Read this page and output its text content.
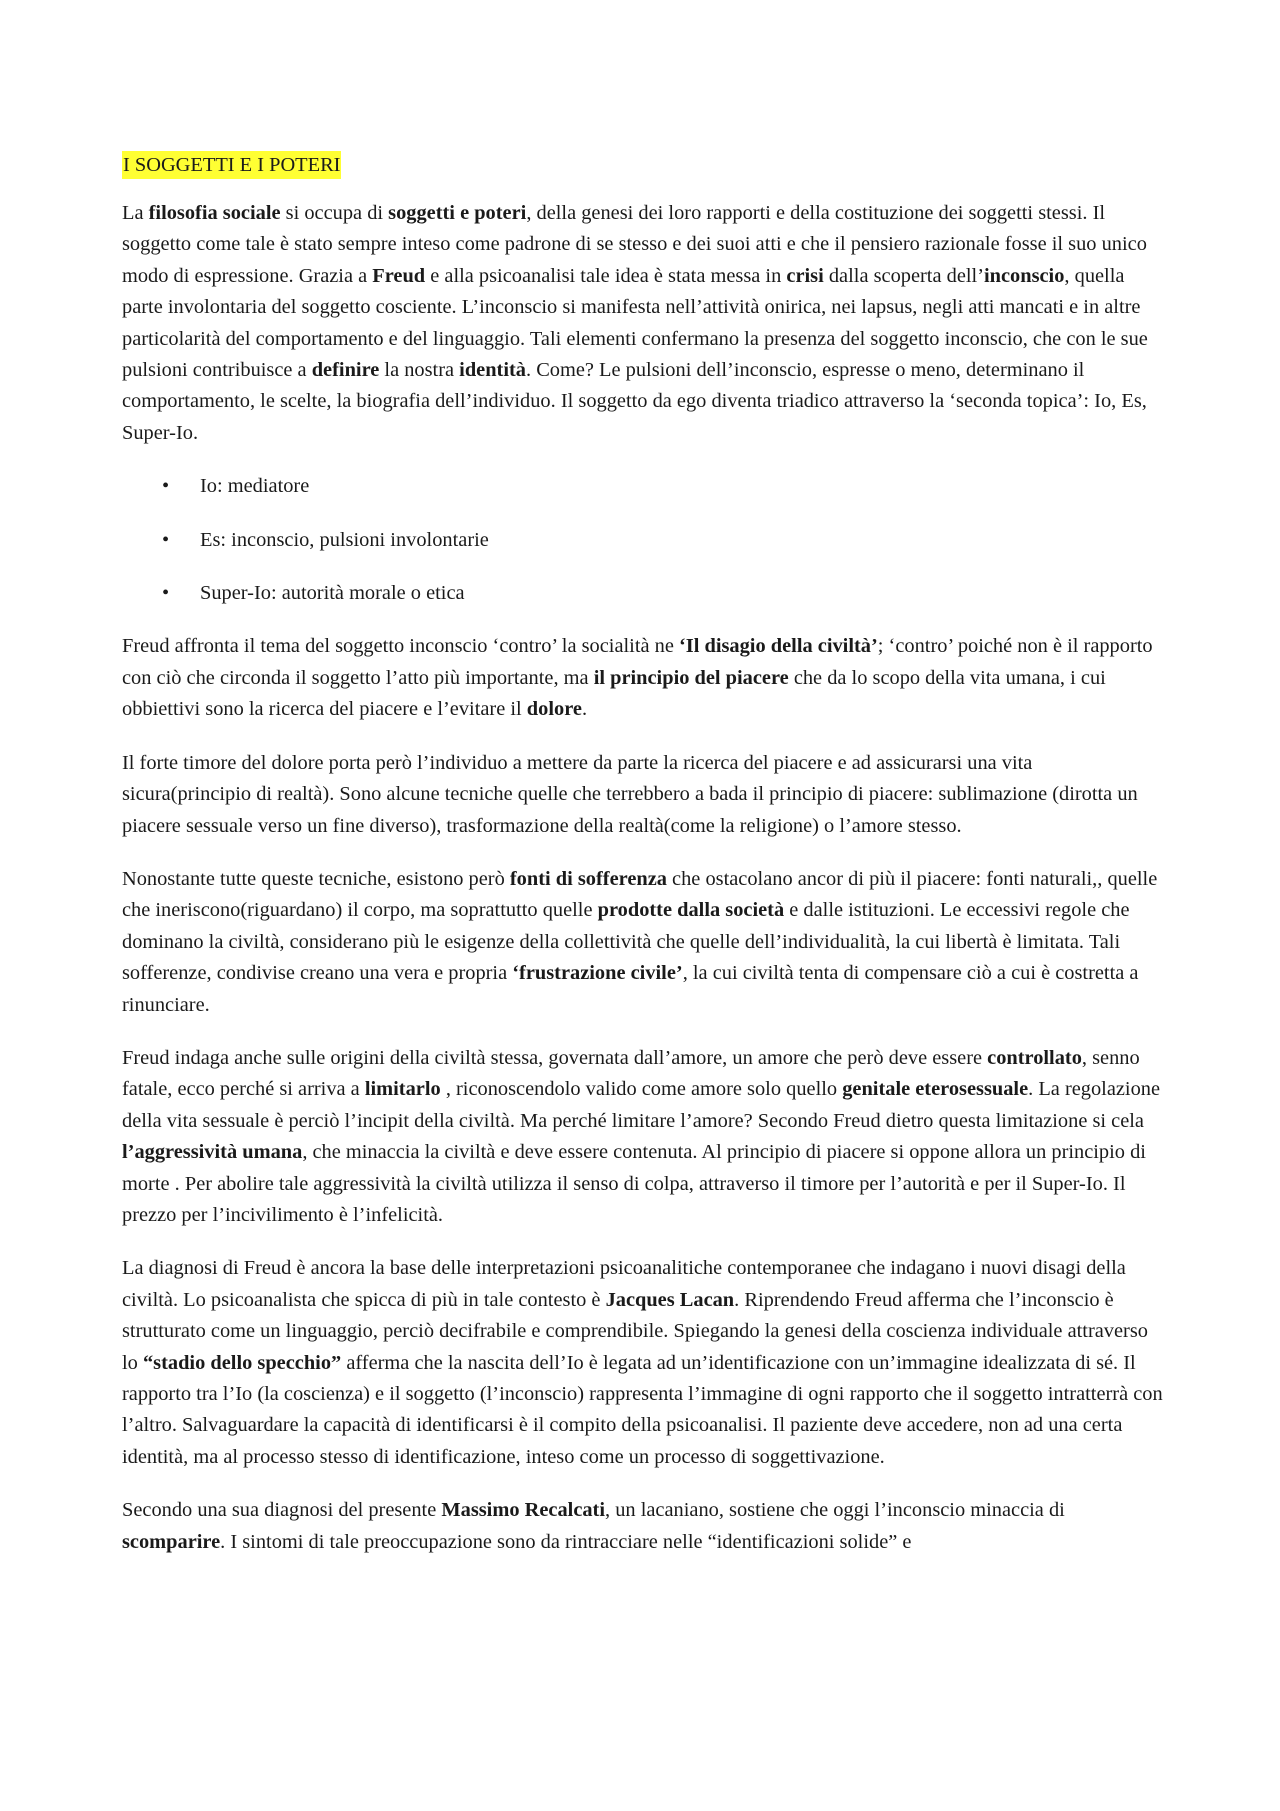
I SOGGETTI E I POTERI

La filosofia sociale si occupa di soggetti e poteri, della genesi dei loro rapporti e della costituzione dei soggetti stessi. Il soggetto come tale è stato sempre inteso come padrone di se stesso e dei suoi atti e che il pensiero razionale fosse il suo unico modo di espressione. Grazia a Freud e alla psicoanalisi tale idea è stata messa in crisi dalla scoperta dell’inconscio, quella parte involontaria del soggetto cosciente. L’inconscio si manifesta nell’attività onirica, nei lapsus, negli atti mancati e in altre particolarità del comportamento e del linguaggio. Tali elementi confermano la presenza del soggetto inconscio, che con le sue pulsioni contribuisce a definire la nostra identità. Come? Le pulsioni dell’inconscio, espresse o meno, determinano il comportamento, le scelte, la biografia dell’individuo. Il soggetto da ego diventa triadico attraverso la ‘seconda topica’: Io, Es, Super-Io.

• Io: mediatore
• Es: inconscio, pulsioni involontarie
• Super-Io: autorità morale o etica

Freud affronta il tema del soggetto inconscio ‘contro’ la socialità ne ‘Il disagio della civiltà’; ‘contro’ poiché non è il rapporto con ciò che circonda il soggetto l’atto più importante, ma il principio del piacere che da lo scopo della vita umana, i cui obbiettivi sono la ricerca del piacere e l’evitare il dolore.

Il forte timore del dolore porta però l’individuo a mettere da parte la ricerca del piacere e ad assicurarsi una vita sicura(principio di realtà). Sono alcune tecniche quelle che terrebbero a bada il principio di piacere: sublimazione (dirotta un piacere sessuale verso un fine diverso), trasformazione della realtà(come la religione) o l’amore stesso.

Nonostante tutte queste tecniche, esistono però fonti di sofferenza che ostacolano ancor di più il piacere: fonti naturali,, quelle che ineriscono(riguardano) il corpo, ma soprattutto quelle prodotte dalla società e dalle istituzioni. Le eccessivi regole che dominano la civiltà, considerano più le esigenze della collettività che quelle dell’individualità, la cui libertà è limitata. Tali sofferenze, condivise creano una vera e propria ‘frustrazione civile’, la cui civiltà tenta di compensare ciò a cui è costretta a rinunciare.

Freud indaga anche sulle origini della civiltà stessa, governata dall’amore, un amore che però deve essere controllato, senno fatale, ecco perché si arriva a limitarlo , riconoscendolo valido come amore solo quello genitale eterosessuale. La regolazione della vita sessuale è perciò l’incipit della civiltà. Ma perché limitare l’amore? Secondo Freud dietro questa limitazione si cela l’aggressività umana, che minaccia la civiltà e deve essere contenuta. Al principio di piacere si oppone allora un principio di morte . Per abolire tale aggressività la civiltà utilizza il senso di colpa, attraverso il timore per l’autorità e per il Super-Io. Il prezzo per l’incivilimento è l’infelicità.

La diagnosi di Freud è ancora la base delle interpretazioni psicoanalitiche contemporanee che indagano i nuovi disagi della civiltà. Lo psicoanalista che spicca di più in tale contesto è Jacques Lacan. Riprendendo Freud afferma che l’inconscio è strutturato come un linguaggio, perciò decifrabile e comprendibile. Spiegando la genesi della coscienza individuale attraverso lo “stadio dello specchio” afferma che la nascita dell’Io è legata ad un’identificazione con un’immagine idealizzata di sé. Il rapporto tra l’Io (la coscienza) e il soggetto (l’inconscio) rappresenta l’immagine di ogni rapporto che il soggetto intratterrà con l’altro. Salvaguardare la capacità di identificarsi è il compito della psicoanalisi. Il paziente deve accedere, non ad una certa identità, ma al processo stesso di identificazione, inteso come un processo di soggettivazione.

Secondo una sua diagnosi del presente Massimo Recalcati, un lacaniano, sostiene che oggi l’inconscio minaccia di scomparire. I sintomi di tale preoccupazione sono da rintracciare nelle “identificazioni solide” e
